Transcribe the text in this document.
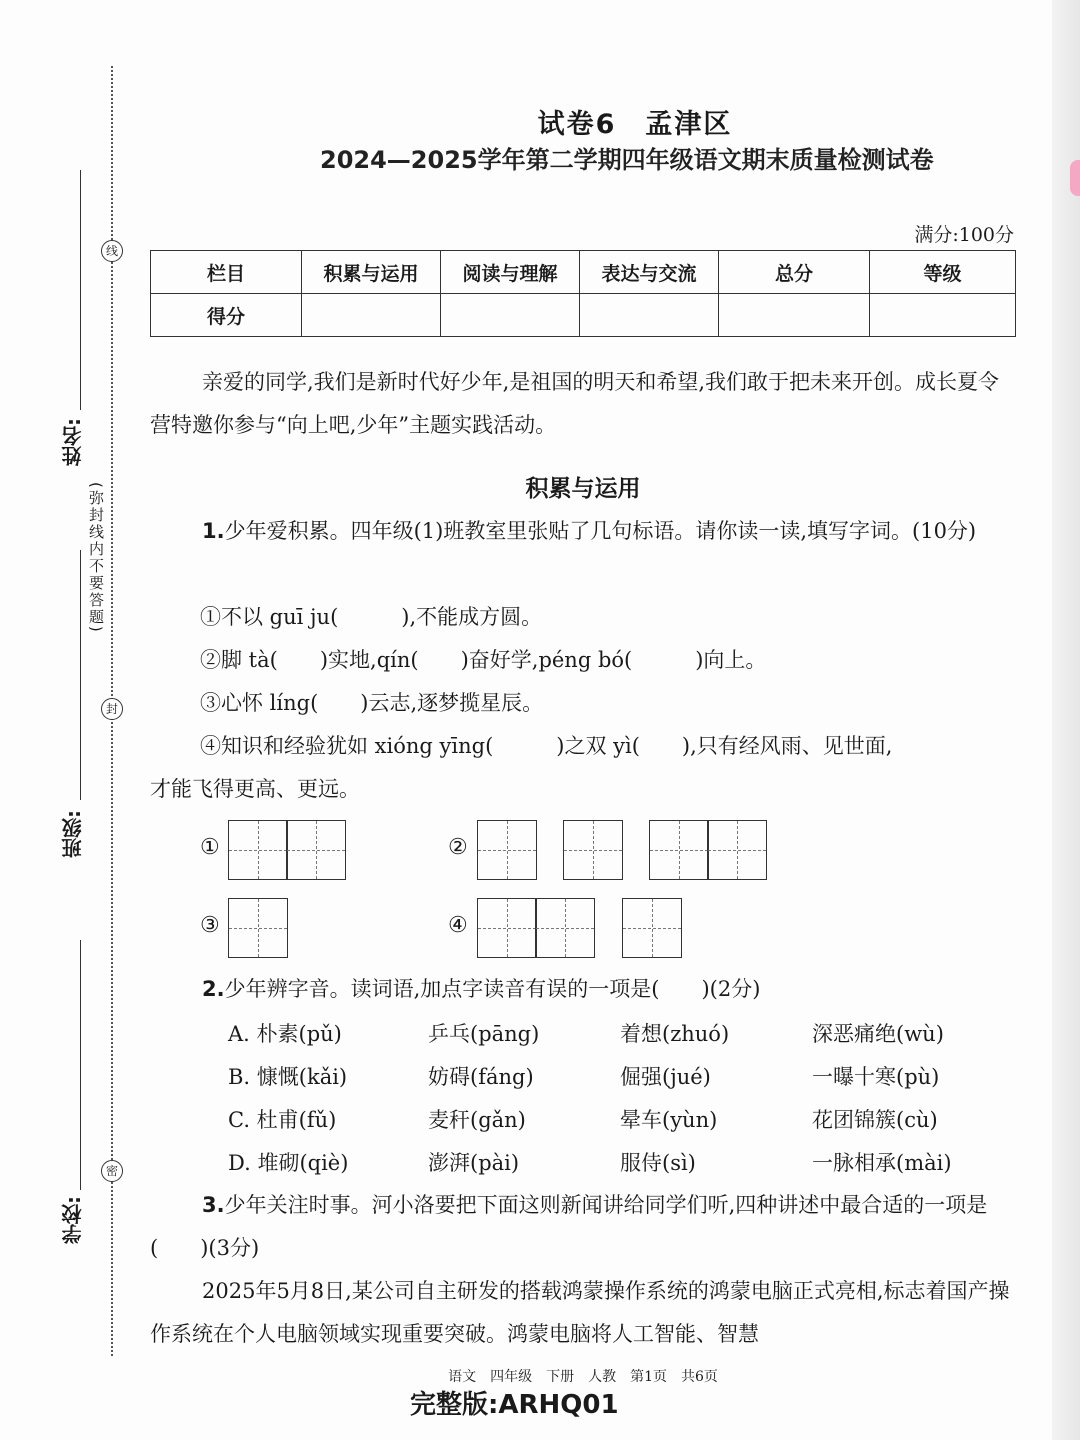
线
封
密
姓名:
(弥封线内不要答题)
班级:
学校:
试卷6　孟津区
2024—2025学年第二学期四年级语文期末质量检测试卷
满分:100分
栏目	积累与运用	阅读与理解	表达与交流	总分	等级
得分					
亲爱的同学,我们是新时代好少年,是祖国的明天和希望,我们敢于把未来开创。成长夏令营特邀你参与“向上吧,少年”主题实践活动。
积累与运用
1.少年爱积累。四年级(1)班教室里张贴了几句标语。请你读一读,填写字词。(10分)
①不以 guī ju(　　　),不能成方圆。
②脚 tà(　　)实地,qín(　　)奋好学,péng bó(　　　)向上。
③心怀 líng(　　)云志,逐梦揽星辰。
④知识和经验犹如 xióng yīng(　　　)之双 yì(　　),只有经风雨、见世面,
才能飞得更高、更远。
①	②
③	④
2.少年辨字音。读词语,加点字读音有误的一项是(　　)(2分)
A. 朴素(pǔ)	乒乓(pāng)	着想(zhuó)	深恶痛绝(wù)
B. 慷慨(kǎi)	妨碍(fáng)	倔强(jué)	一曝十寒(pù)
C. 杜甫(fǔ)	麦秆(gǎn)	晕车(yùn)	花团锦簇(cù)
D. 堆砌(qiè)	澎湃(pài)	服侍(sì)	一脉相承(mài)
3.少年关注时事。河小洛要把下面这则新闻讲给同学们听,四种讲述中最合适的一项是(　　)(3分)
2025年5月8日,某公司自主研发的搭载鸿蒙操作系统的鸿蒙电脑正式亮相,标志着国产操作系统在个人电脑领域实现重要突破。鸿蒙电脑将人工智能、智慧
语文　四年级　下册　人教　第1页　共6页
完整版:ARHQ01
